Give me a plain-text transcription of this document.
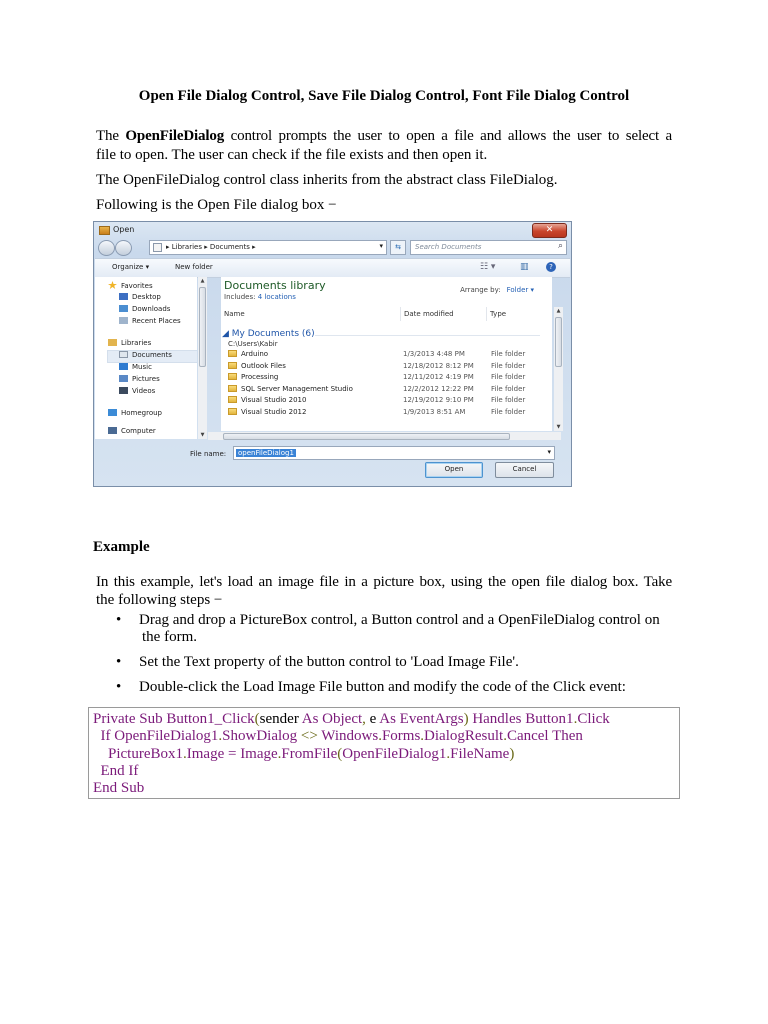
Open File Dialog Control, Save File Dialog Control, Font File Dialog Control
The OpenFileDialog control prompts the user to open a file and allows the user to select a
file to open. The user can check if the file exists and then open it.
The OpenFileDialog control class inherits from the abstract class FileDialog.
Following is the Open File dialog box −
Open	✕
▸ Libraries ▸ Documents ▸	▾	⇆	Search Documents	⌕
Organize ▾	New folder	☷ ▾	▥	?
Favorites
Desktop
Downloads
Recent Places
Libraries
Documents
Music
Pictures
Videos
Homegroup
Computer
▲
▼
Documents library
Includes: 4 locations
Arrange by: Folder ▾
Name	Date modified	Type
◢ My Documents (6)
C:\Users\Kabir
Arduino	1/3/2013 4:48 PM	File folder
Outlook Files	12/18/2012 8:12 PM File folder
Processing	12/11/2012 4:19 PM File folder
SQL Server Management Studio	12/2/2012 12:22 PM File folder
Visual Studio 2010	12/19/2012 9:10 PM File folder
Visual Studio 2012	1/9/2013 8:51 AM	File folder
▲
▼
File name: openFileDialog1	▾
Open	Cancel
Example
In this example, let's load an image file in a picture box, using the open file dialog box. Take
the following steps −
• Drag and drop a PictureBox control, a Button control and a OpenFileDialog control on
the form.
• Set the Text property of the button control to 'Load Image File'.
• Double-click the Load Image File button and modify the code of the Click event:
Private Sub Button1_Click(sender As Object, e As EventArgs) Handles Button1.Click
If OpenFileDialog1.ShowDialog <> Windows.Forms.DialogResult.Cancel Then
PictureBox1.Image = Image.FromFile(OpenFileDialog1.FileName)
End If
End Sub
